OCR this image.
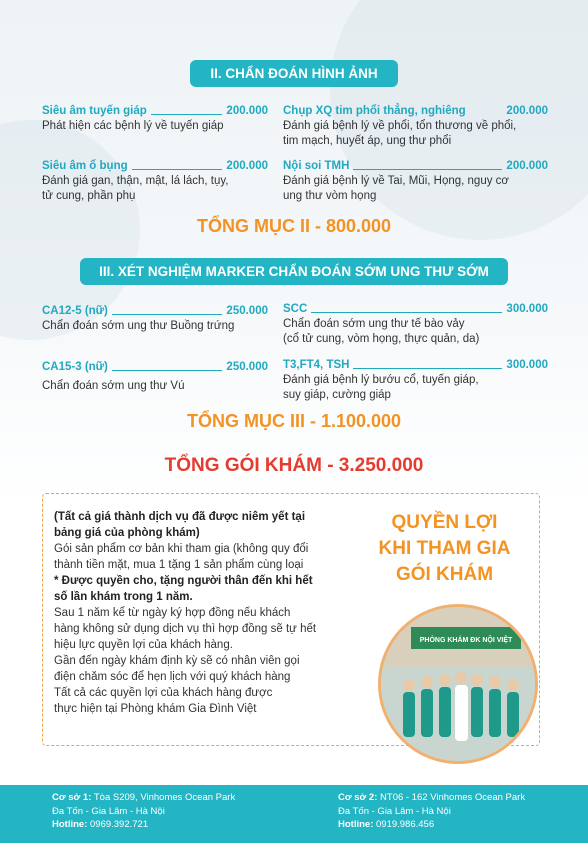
II. CHẨN ĐOÁN HÌNH ẢNH
Siêu âm tuyến giáp	200.000
Phát hiện các bệnh lý về tuyến giáp
Siêu âm ổ bụng	200.000
Đánh giá gan, thận, mật, lá lách, tụy,
tử cung, phần phụ
Chụp XQ tim phổi thẳng, nghiêng	200.000
Đánh giá bệnh lý về phổi, tổn thương về phổi,
tim mạch, huyết áp, ung thư phổi
Nội soi TMH	200.000
Đánh giá bệnh lý về Tai, Mũi, Họng, nguy cơ
ung thư vòm họng
TỔNG MỤC II - 800.000
III. XÉT NGHIỆM MARKER CHẨN ĐOÁN SỚM UNG THƯ SỚM
CA12-5 (nữ)	250.000
Chẩn đoán sớm ung thư Buồng trứng
CA15-3 (nữ)	250.000
Chẩn đoán sớm ung thư Vú
SCC	300.000
Chẩn đoán sớm ung thư tế bào vảy
(cổ tử cung, vòm họng, thực quản, da)
T3,FT4, TSH	300.000
Đánh giá bệnh lý bướu cổ, tuyến giáp,
suy giáp, cường giáp
TỔNG MỤC III - 1.100.000
TỔNG GÓI KHÁM - 3.250.000
(Tất cả giá thành dịch vụ đã được niêm yết tại
bảng giá của phòng khám)
Gói sản phẩm cơ bản khi tham gia (không quy đổi
thành tiền mặt, mua 1 tặng 1 sản phẩm cùng loại
* Được quyền cho, tặng người thân đến khi hết
số lần khám trong 1 năm.
Sau 1 năm kể từ ngày ký hợp đồng nếu khách
hàng không sử dụng dịch vụ thì hợp đồng sẽ tự hết
hiệu lực quyền lợi của khách hàng.
Gần đến ngày khám định kỳ sẽ có nhân viên gọi
điện chăm sóc để hẹn lịch với quý khách hàng
Tất cả các quyền lợi của khách hàng được
thực hiện tại Phòng khám Gia Đình Việt
QUYỀN LỢI
KHI THAM GIA
GÓI KHÁM
PHÒNG KHÁM ĐK NỘI VIỆT
Cơ sở 1: Tòa S209, Vinhomes Ocean Park
Đa Tốn - Gia Lâm - Hà Nội
Hotline: 0969.392.721
Cơ sở 2: NT06 - 162 Vinhomes Ocean Park
Đa Tốn - Gia Lâm - Hà Nội
Hotline: 0919.986.456
